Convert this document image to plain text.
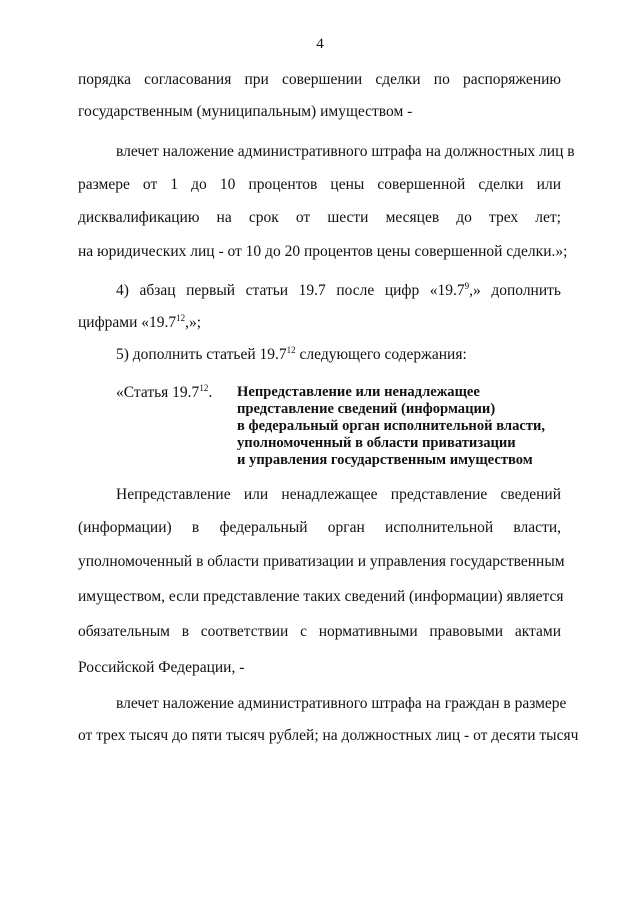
4
порядка согласования при совершении сделки по распоряжению
государственным (муниципальным) имуществом -
влечет наложение административного штрафа на должностных лиц в
размере от 1 до 10 процентов цены совершенной сделки или
дисквалификацию на срок от шести месяцев до трех лет;
на юридических лиц - от 10 до 20 процентов цены совершенной сделки.»;
4) абзац первый статьи 19.7 после цифр «19.7$^9$,» дополнить
цифрами «19.7$^{12}$,»;
5) дополнить статьей 19.7$^{12}$ следующего содержания:
«Статья 19.7$^{12}$. Непредставление или ненадлежащее
представление сведений (информации)
в федеральный орган исполнительной власти,
уполномоченный в области приватизации
и управления государственным имуществом
Непредставление или ненадлежащее представление сведений
(информации) в федеральный орган исполнительной власти,
уполномоченный в области приватизации и управления государственным
имуществом, если представление таких сведений (информации) является
обязательным в соответствии с нормативными правовыми актами
Российской Федерации, -
влечет наложение административного штрафа на граждан в размере
от трех тысяч до пяти тысяч рублей; на должностных лиц - от десяти тысяч
